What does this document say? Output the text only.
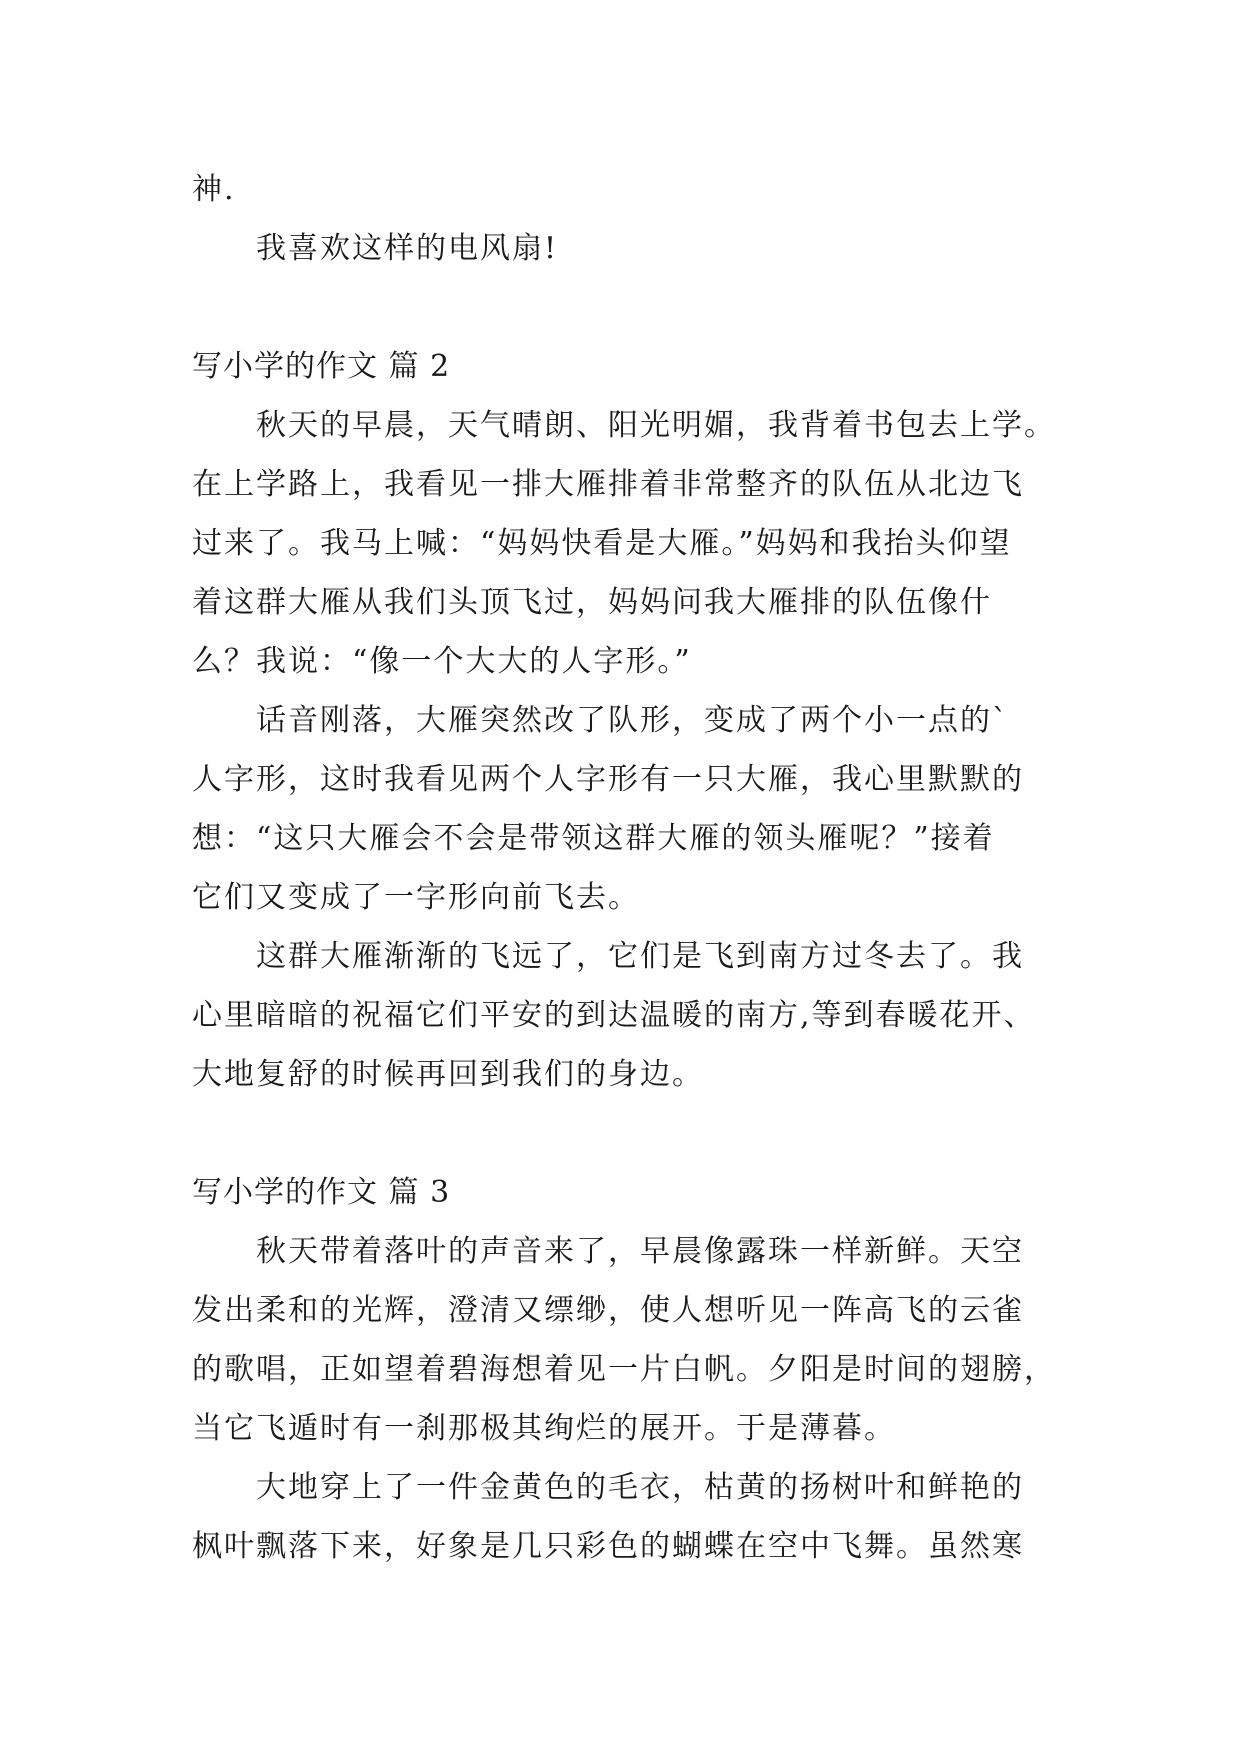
神.
我喜欢这样的电风扇!
写小学的作文 篇 2
秋天的早晨，天气晴朗、阳光明媚，我背着书包去上学。
在上学路上，我看见一排大雁排着非常整齐的队伍从北边飞
过来了。我马上喊：“妈妈快看是大雁。”妈妈和我抬头仰望
着这群大雁从我们头顶飞过，妈妈问我大雁排的队伍像什
么？我说：“像一个大大的人字形。”
话音刚落，大雁突然改了队形，变成了两个小一点的`
人字形，这时我看见两个人字形有一只大雁，我心里默默的
想：“这只大雁会不会是带领这群大雁的领头雁呢？”接着
它们又变成了一字形向前飞去。
这群大雁渐渐的飞远了，它们是飞到南方过冬去了。我
心里暗暗的祝福它们平安的到达温暖的南方,等到春暖花开、
大地复舒的时候再回到我们的身边。
写小学的作文 篇 3
秋天带着落叶的声音来了，早晨像露珠一样新鲜。天空
发出柔和的光辉，澄清又缥缈，使人想听见一阵高飞的云雀
的歌唱，正如望着碧海想着见一片白帆。夕阳是时间的翅膀，
当它飞遁时有一刹那极其绚烂的展开。于是薄暮。
大地穿上了一件金黄色的毛衣，枯黄的扬树叶和鲜艳的
枫叶飘落下来，好象是几只彩色的蝴蝶在空中飞舞。虽然寒
